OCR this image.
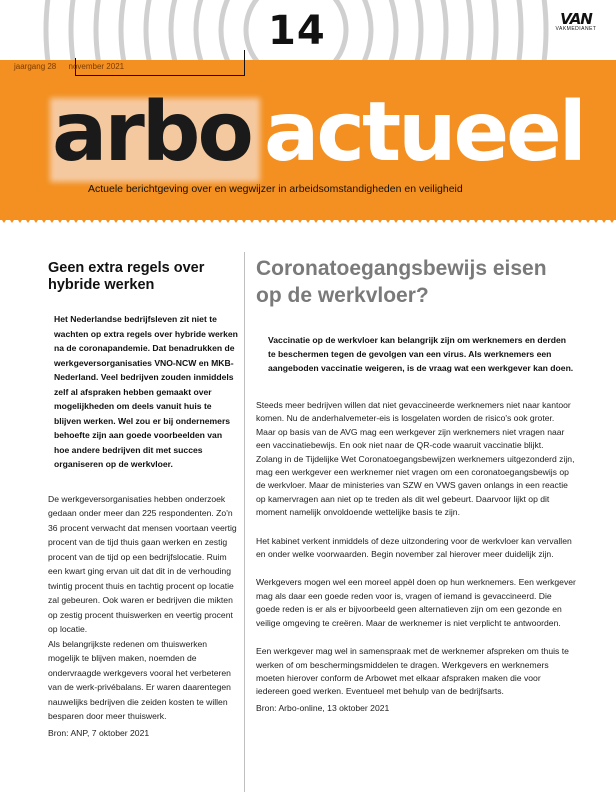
14	VAN
VAKMEDIANET
jaargang 28 november 2021
arbo actueel
Actuele berichtgeving over en wegwijzer in arbeidsomstandigheden en veiligheid
Geen extra regels over hybride werken
Het Nederlandse bedrijfsleven zit niet te wachten op extra regels over hybride werken na de coronapandemie. Dat benadrukken de werkgeversorganisaties VNO-NCW en MKB-Nederland. Veel bedrijven zouden inmiddels zelf al afspraken hebben gemaakt over mogelijkheden om deels vanuit huis te blijven werken. Wel zou er bij ondernemers behoefte zijn aan goede voorbeelden van hoe andere bedrijven dit met succes organiseren op de werkvloer.

De werkgeversorganisaties hebben onderzoek gedaan onder meer dan 225 respondenten. Zo'n 36 procent verwacht dat mensen voortaan veertig procent van de tijd thuis gaan werken en zestig procent van de tijd op een bedrijfslocatie. Ruim een kwart ging ervan uit dat dit in de verhouding twintig procent thuis en tachtig procent op locatie zal gebeuren. Ook waren er bedrijven die mikten op zestig procent thuiswerken en veertig procent op locatie.

Als belangrijkste redenen om thuiswerken mogelijk te blijven maken, noemden de ondervraagde werkgevers vooral het verbeteren van de werk-privébalans. Er waren daarentegen nauwelijks bedrijven die zeiden kosten te willen besparen door meer thuiswerk.

Bron: ANP, 7 oktober 2021
Coronatoegangsbewijs eisen op de werkvloer?
Vaccinatie op de werkvloer kan belangrijk zijn om werknemers en derden te beschermen tegen de gevolgen van een virus. Als werknemers een aangeboden vaccinatie weigeren, is de vraag wat een werkgever kan doen.

Steeds meer bedrijven willen dat niet gevaccineerde werknemers niet naar kantoor komen. Nu de anderhalvemeter-eis is losgelaten worden de risico's ook groter. Maar op basis van de AVG mag een werkgever zijn werknemers niet vragen naar een vaccinatiebewijs. En ook niet naar de QR-code waaruit vaccinatie blijkt.

Zolang in de Tijdelijke Wet Coronatoegangsbewijzen werknemers uitgezonderd zijn, mag een werkgever een werknemer niet vragen om een coronatoegangsbewijs op de werkvloer. Maar de ministeries van SZW en VWS gaven onlangs in een reactie op kamervragen aan niet op te treden als dit wel gebeurt. Daarvoor lijkt op dit moment namelijk onvoldoende wettelijke basis te zijn.

Het kabinet verkent inmiddels of deze uitzondering voor de werkvloer kan vervallen en onder welke voorwaarden. Begin november zal hierover meer duidelijk zijn.

Werkgevers mogen wel een moreel appèl doen op hun werknemers. Een werkgever mag als daar een goede reden voor is, vragen of iemand is gevaccineerd. Die goede reden is er als er bijvoorbeeld geen alternatieven zijn om een gezonde en veilige omgeving te creëren. Maar de werknemer is niet verplicht te antwoorden.

Een werkgever mag wel in samenspraak met de werknemer afspreken om thuis te werken of om beschermingsmiddelen te dragen. Werkgevers en werknemers moeten hierover conform de Arbowet met elkaar afspraken maken die voor iedereen goed werken. Eventueel met behulp van de bedrijfsarts.

Bron: Arbo-online, 13 oktober 2021
